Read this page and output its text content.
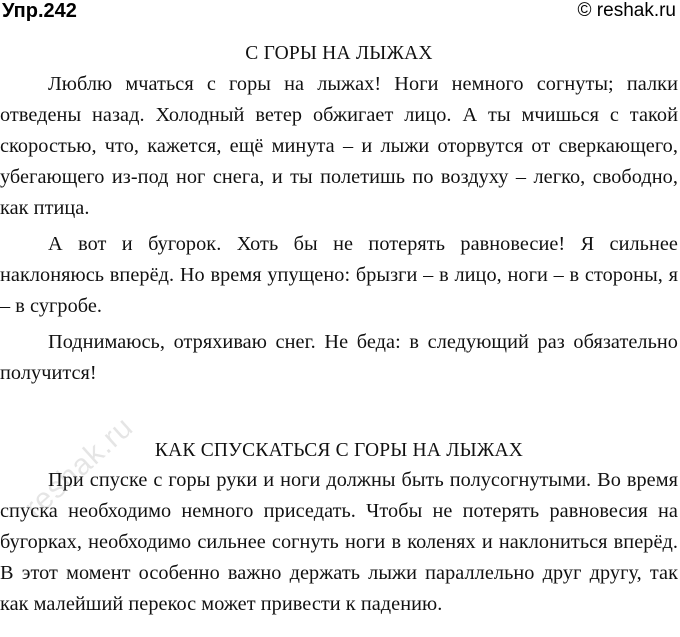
Упр.242	© reshak.ru
С ГОРЫ НА ЛЫЖАХ

Люблю мчаться с горы на лыжах! Ноги немного согнуты; палки отведены назад. Холодный ветер обжигает лицо. А ты мчишься с такой скоростью, что, кажется, ещё минута – и лыжи оторвутся от сверкающего, убегающего из-под ног снега, и ты полетишь по воздуху – легко, свободно, как птица.

А вот и бугорок. Хоть бы не потерять равновесие! Я сильнее наклоняюсь вперёд. Но время упущено: брызги – в лицо, ноги – в стороны, я – в сугробе.

Поднимаюсь, отряхиваю снег. Не беда: в следующий раз обязательно получится!

КАК СПУСКАТЬСЯ С ГОРЫ НА ЛЫЖАХ

При спуске с горы руки и ноги должны быть полусогнутыми. Во время спуска необходимо немного приседать. Чтобы не потерять равновесия на бугорках, необходимо сильнее согнуть ноги в коленях и наклониться вперёд. В этот момент особенно важно держать лыжи параллельно друг другу, так как малейший перекос может привести к падению.

reshak.ru
